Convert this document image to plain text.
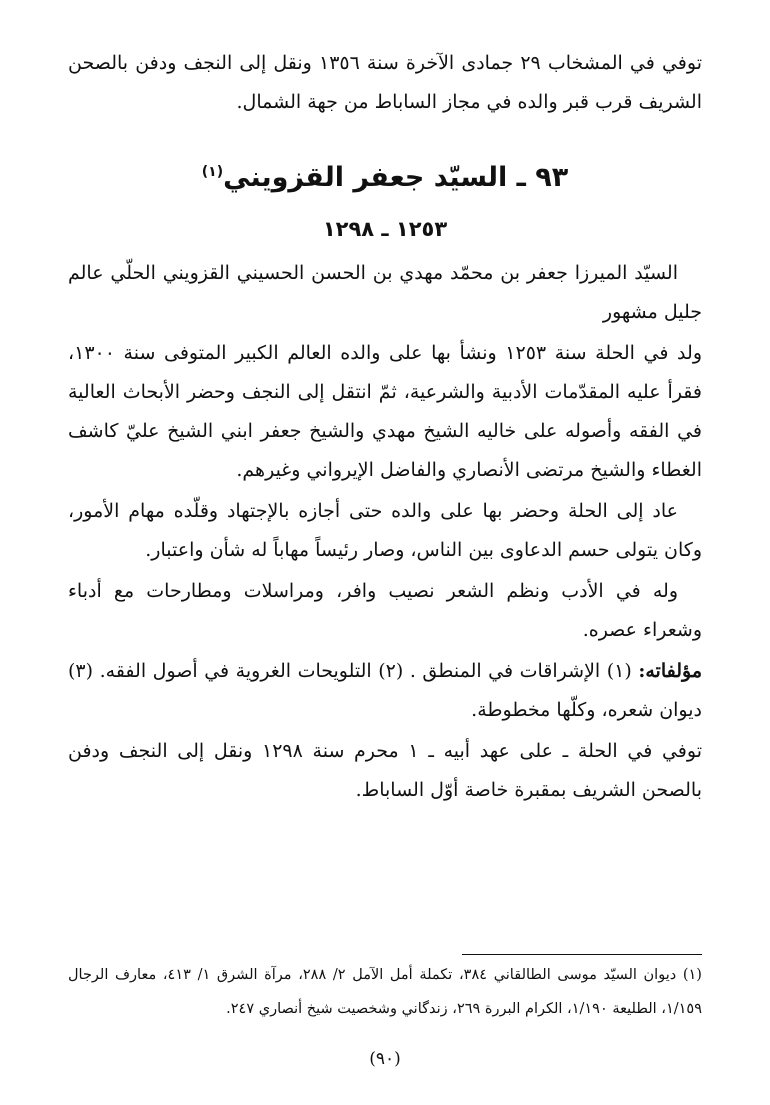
توفي في المشخاب ٢٩ جمادى الآخرة سنة ١٣٥٦ ونقل إلى النجف ودفن بالصحن الشريف قرب قبر والده في مجاز الساباط من جهة الشمال.

٩٣ ـ السيّد جعفر القزويني$^{(١)}$
١٢٥٣ ـ ١٢٩٨

السيّد الميرزا جعفر بن محمّد مهدي بن الحسن الحسيني القزويني الحلّي عالم جليل مشهور

ولد في الحلة سنة ١٢٥٣ ونشأ بها على والده العالم الكبير المتوفى سنة ١٣٠٠، فقرأ عليه المقدّمات الأدبية والشرعية، ثمّ انتقل إلى النجف وحضر الأبحاث العالية في الفقه وأصوله على خاليه الشيخ مهدي والشيخ جعفر ابني الشيخ عليّ كاشف الغطاء والشيخ مرتضى الأنصاري والفاضل الإيرواني وغيرهم.

عاد إلى الحلة وحضر بها على والده حتى أجازه بالإجتهاد وقلّده مهام الأمور، وكان يتولى حسم الدعاوى بين الناس، وصار رئيساً مهاباً له شأن واعتبار.

وله في الأدب ونظم الشعر نصيب وافر، ومراسلات ومطارحات مع أدباء وشعراء عصره.

مؤلفاته: (١) الإشراقات في المنطق . (٢) التلويحات الغروية في أصول الفقه. (٣) ديوان شعره، وكلّها مخطوطة.

توفي في الحلة ـ على عهد أبيه ـ ١ محرم سنة ١٢٩٨ ونقل إلى النجف ودفن بالصحن الشريف بمقبرة خاصة أوّل الساباط.

(١) ديوان السيّد موسى الطالقاني ٣٨٤، تكملة أمل الآمل ٢/ ٢٨٨، مرآة الشرق ١/ ٤١٣، معارف الرجال ١/١٥٩، الطليعة ١/١٩٠، الكرام البررة ٢٦٩، زندگاني وشخصيت شيخ أنصاري ٢٤٧.

(٩٠)
